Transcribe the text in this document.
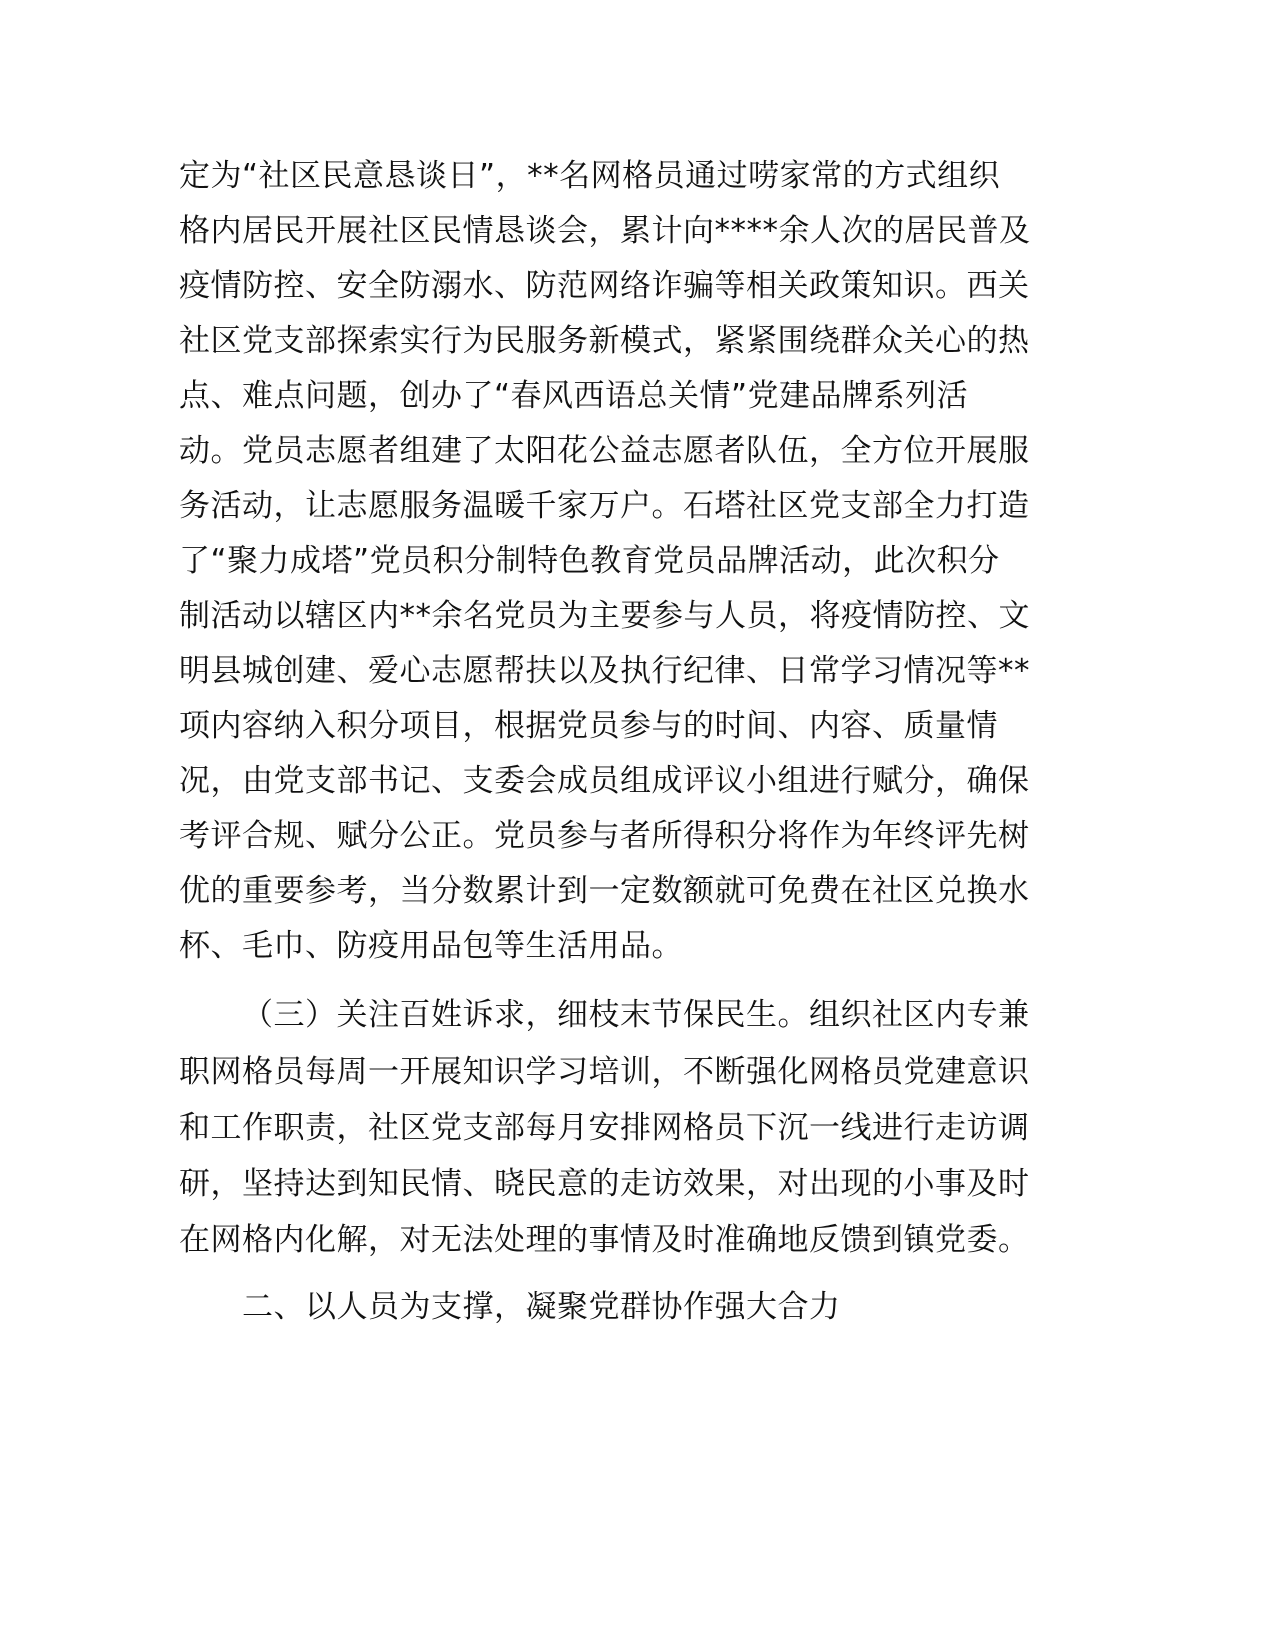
定为“社区民意恳谈日”，**名网格员通过唠家常的方式组织
格内居民开展社区民情恳谈会，累计向****余人次的居民普及
疫情防控、安全防溺水、防范网络诈骗等相关政策知识。西关
社区党支部探索实行为民服务新模式，紧紧围绕群众关心的热
点、难点问题，创办了“春风西语总关情”党建品牌系列活
动。党员志愿者组建了太阳花公益志愿者队伍，全方位开展服
务活动，让志愿服务温暖千家万户。石塔社区党支部全力打造
了“聚力成塔”党员积分制特色教育党员品牌活动，此次积分
制活动以辖区内**余名党员为主要参与人员，将疫情防控、文
明县城创建、爱心志愿帮扶以及执行纪律、日常学习情况等**
项内容纳入积分项目，根据党员参与的时间、内容、质量情
况，由党支部书记、支委会成员组成评议小组进行赋分，确保
考评合规、赋分公正。党员参与者所得积分将作为年终评先树
优的重要参考，当分数累计到一定数额就可免费在社区兑换水
杯、毛巾、防疫用品包等生活用品。
（三）关注百姓诉求，细枝末节保民生。组织社区内专兼
职网格员每周一开展知识学习培训，不断强化网格员党建意识
和工作职责，社区党支部每月安排网格员下沉一线进行走访调
研，坚持达到知民情、晓民意的走访效果，对出现的小事及时
在网格内化解，对无法处理的事情及时准确地反馈到镇党委。
二、以人员为支撑，凝聚党群协作强大合力
